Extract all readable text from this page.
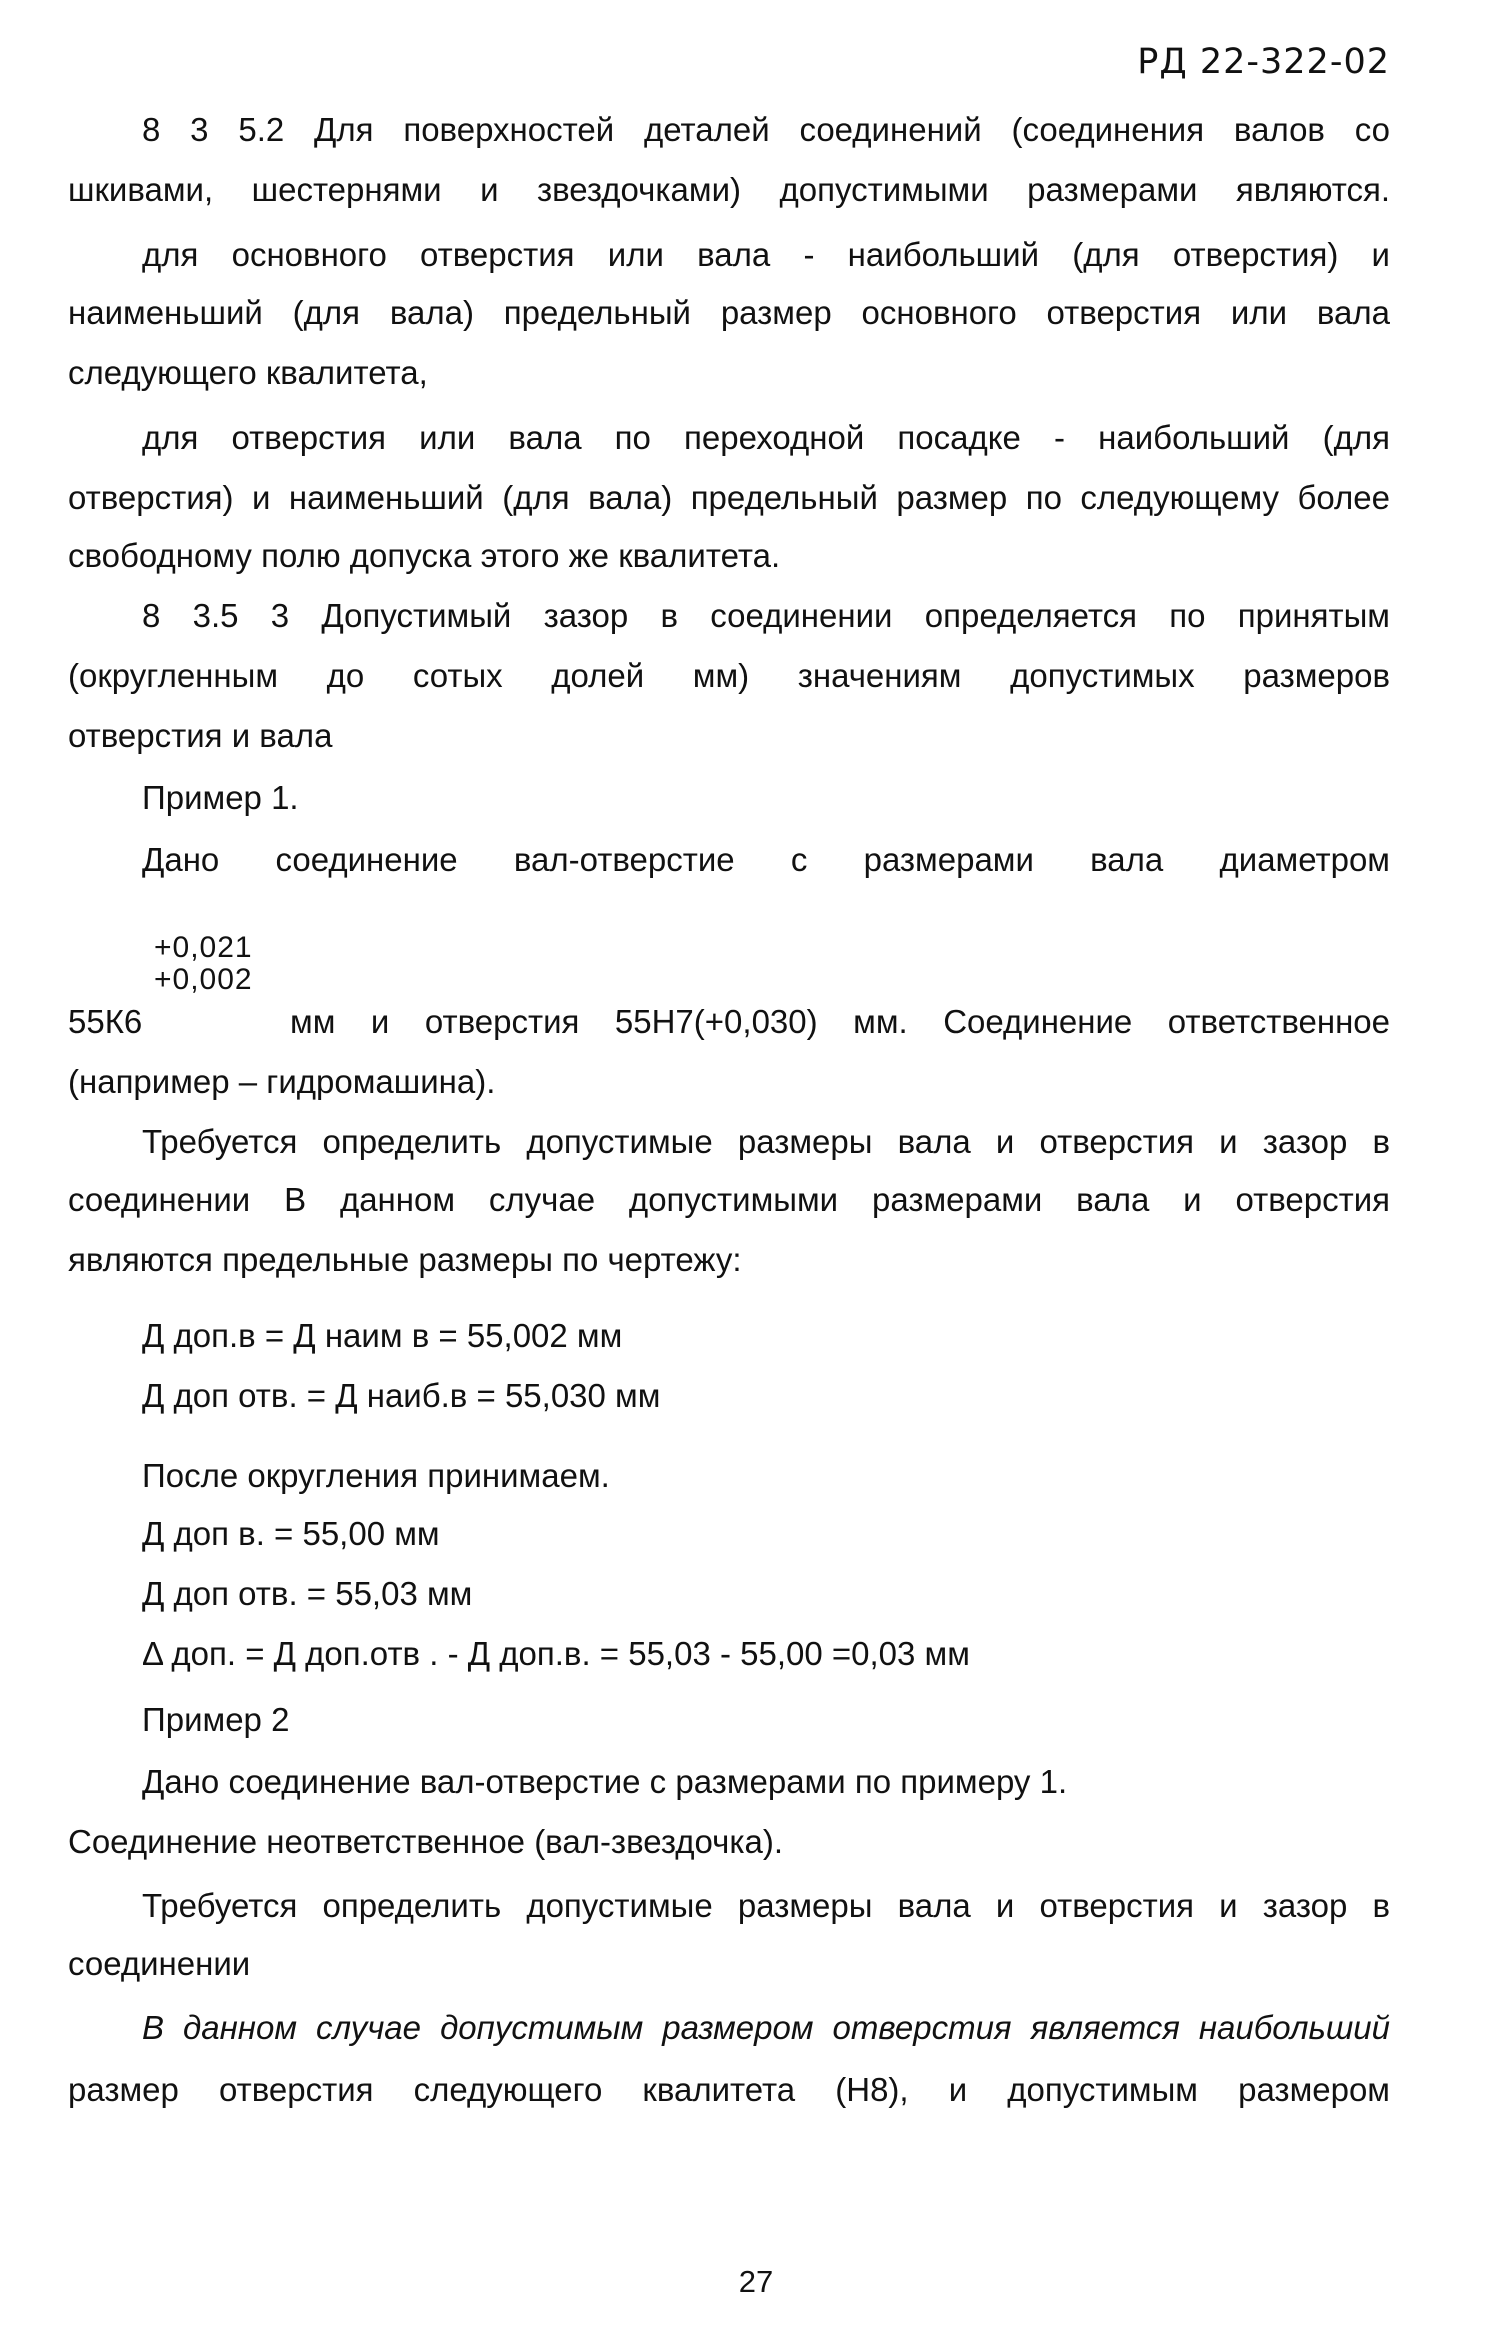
РД 22-322-02
8 3 5.2 Для поверхностей деталей соединений (соединения валов со
шкивами, шестернями и звездочками) допустимыми размерами являются.
для основного отверстия или вала - наибольший (для отверстия) и
наименьший (для вала) предельный размер основного отверстия или вала
следующего квалитета,
для отверстия или вала по переходной посадке - наибольший (для
отверстия) и наименьший (для вала) предельный размер по следующему более
свободному полю допуска этого же квалитета.
8 3.5 3 Допустимый зазор в соединении определяется по принятым
(округленным до сотых долей мм) значениям допустимых размеров
отверстия и вала
Пример 1.
Дано соединение вал-отверстие с размерами вала диаметром
+0,021
+0,002
55К6	мм и отверстия 55Н7(+0,030) мм. Соединение ответственное
(например – гидромашина).
Требуется определить допустимые размеры вала и отверстия и зазор в
соединении В данном случае допустимыми размерами вала и отверстия
являются предельные размеры по чертежу:
Д доп.в = Д наим в = 55,002 мм
Д доп отв. = Д наиб.в = 55,030 мм
После округления принимаем.
Д доп в. = 55,00 мм
Д доп отв. = 55,03 мм
Δ доп. = Д доп.отв . - Д доп.в. = 55,03 - 55,00 =0,03 мм
Пример 2
Дано соединение вал-отверстие с размерами по примеру 1.
Соединение неответственное (вал-звездочка).
Требуется определить допустимые размеры вала и отверстия и зазор в
соединении
В данном случае допустимым размером отверстия является наибольший
размер отверстия следующего квалитета (Н8), и допустимым размером
27
